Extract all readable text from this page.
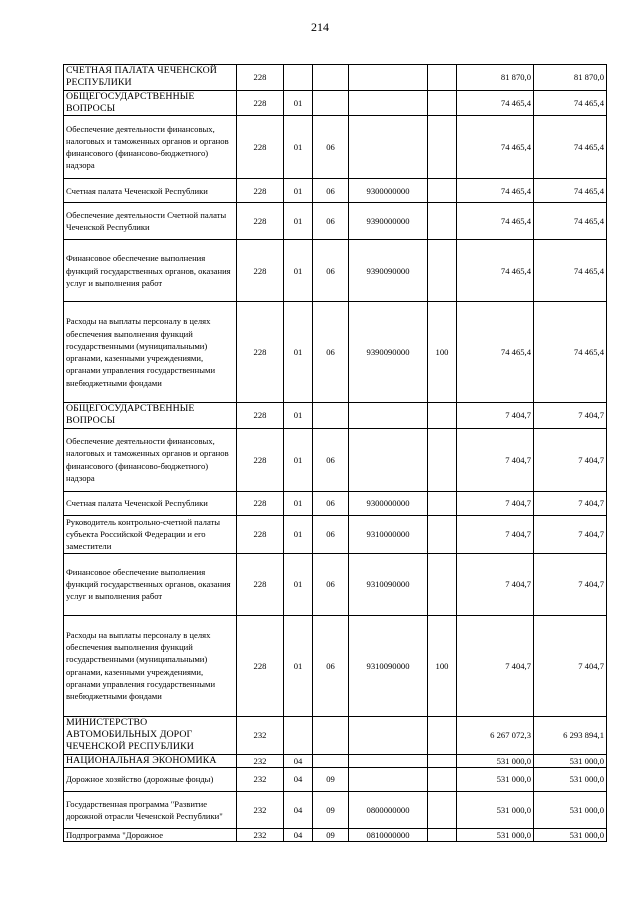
214
СЧЕТНАЯ ПАЛАТА ЧЕЧЕНСКОЙ РЕСПУБЛИКИ	228					81 870,0	81 870,0
ОБЩЕГОСУДАРСТВЕННЫЕ ВОПРОСЫ	228	01				74 465,4	74 465,4
Обеспечение деятельности финансовых, налоговых и таможенных органов и органов финансового (финансово-бюджетного) надзора	228	01	06			74 465,4	74 465,4
Счетная палата Чеченской Республики	228	01	06	9300000000		74 465,4	74 465,4
Обеспечение деятельности Счетной палаты Чеченской Республики	228	01	06	9390000000		74 465,4	74 465,4
Финансовое обеспечение выполнения функций государственных органов, оказания услуг и выполнения работ	228	01	06	9390090000		74 465,4	74 465,4
Расходы на выплаты персоналу в целях обеспечения выполнения функций государственными (муниципальными) органами, казенными учреждениями, органами управления государственными внебюджетными фондами	228	01	06	9390090000	100	74 465,4	74 465,4
ОБЩЕГОСУДАРСТВЕННЫЕ ВОПРОСЫ	228	01				7 404,7	7 404,7
Обеспечение деятельности финансовых, налоговых и таможенных органов и органов финансового (финансово-бюджетного) надзора	228	01	06			7 404,7	7 404,7
Счетная палата Чеченской Республики	228	01	06	9300000000		7 404,7	7 404,7
Руководитель контрольно-счетной палаты субъекта Российской Федерации и его заместители	228	01	06	9310000000		7 404,7	7 404,7
Финансовое обеспечение выполнения функций государственных органов, оказания услуг и выполнения работ	228	01	06	9310090000		7 404,7	7 404,7
Расходы на выплаты персоналу в целях обеспечения выполнения функций государственными (муниципальными) органами, казенными учреждениями, органами управления государственными внебюджетными фондами	228	01	06	9310090000	100	7 404,7	7 404,7
МИНИСТЕРСТВО АВТОМОБИЛЬНЫХ ДОРОГ ЧЕЧЕНСКОЙ РЕСПУБЛИКИ	232					6 267 072,3	6 293 894,1
НАЦИОНАЛЬНАЯ ЭКОНОМИКА	232	04				531 000,0	531 000,0
Дорожное хозяйство (дорожные фонды)	232	04	09			531 000,0	531 000,0
Государственная программа "Развитие дорожной отрасли Чеченской Республики"	232	04	09	0800000000		531 000,0	531 000,0
Подпрограмма "Дорожное	232	04	09	0810000000		531 000,0	531 000,0
